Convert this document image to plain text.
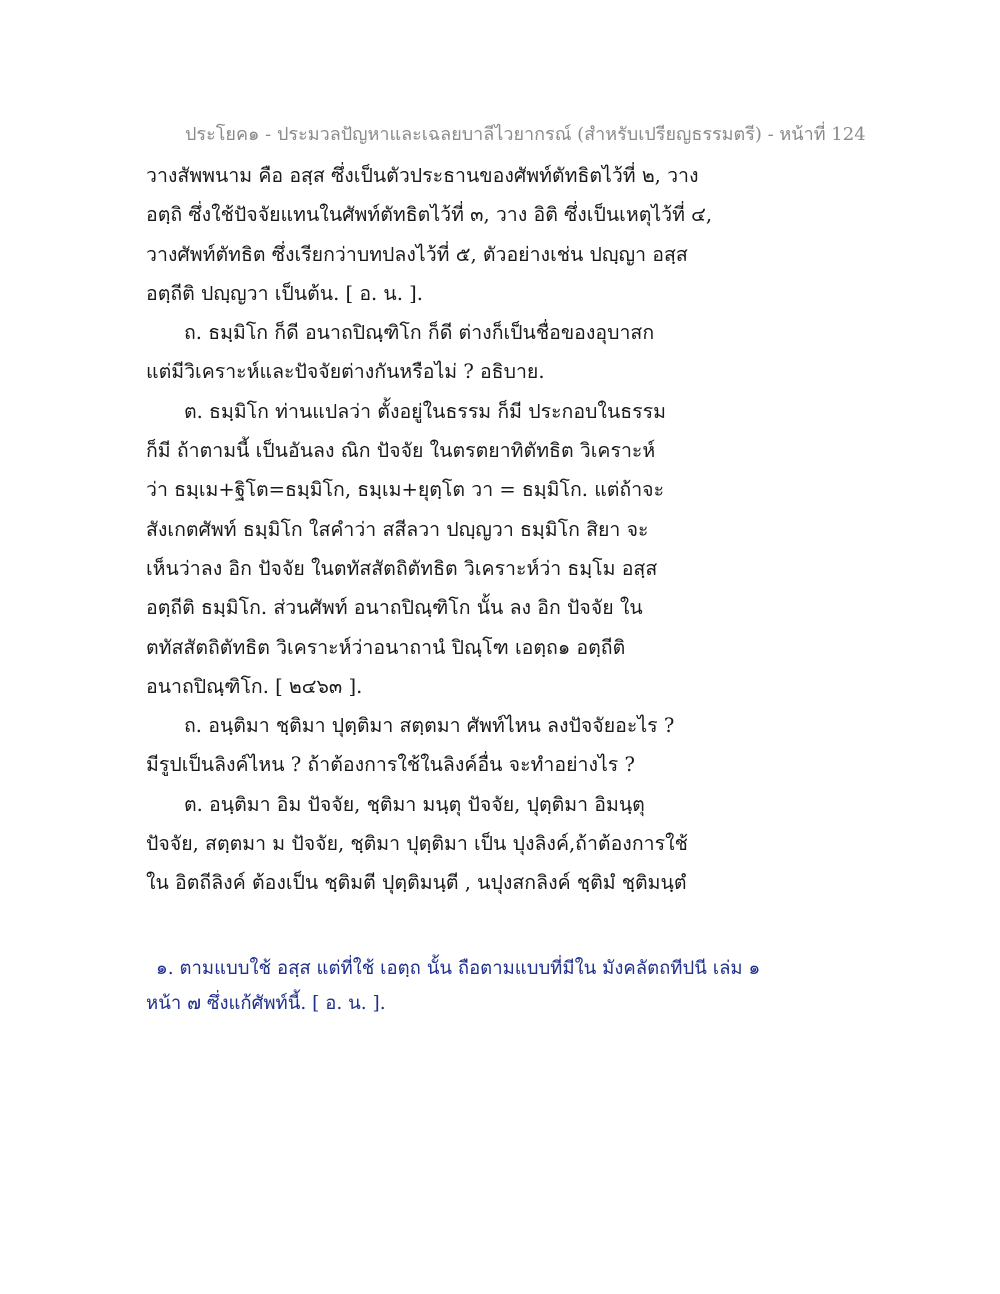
ประโยค๑ - ประมวลปัญหาและเฉลยบาลีไวยากรณ์ (สำหรับเปรียญธรรมตรี) - หน้าที่ 124
วางสัพพนาม คือ อสฺส ซึ่งเป็นตัวประธานของศัพท์ตัทธิตไว้ที่ ๒, วาง
อตฺถิ ซึ่งใช้ปัจจัยแทนในศัพท์ตัทธิตไว้ที่ ๓, วาง อิติ ซึ่งเป็นเหตุไว้ที่ ๔,
วางศัพท์ตัทธิต ซึ่งเรียกว่าบทปลงไว้ที่ ๕, ตัวอย่างเช่น ปญฺญา อสฺส
อตฺถีติ ปญฺญวา เป็นต้น. [ อ. น. ].
ถ. ธมฺมิโก ก็ดี อนาถปิณฺฑิโก ก็ดี ต่างก็เป็นชื่อของอุบาสก
แต่มีวิเคราะห์และปัจจัยต่างกันหรือไม่ ? อธิบาย.
ต. ธมฺมิโก ท่านแปลว่า ตั้งอยู่ในธรรม ก็มี ประกอบในธรรม
ก็มี ถ้าตามนี้ เป็นอันลง ณิก ปัจจัย ในตรตยาทิตัทธิต วิเคราะห์
ว่า ธมฺเม+ฐิโต=ธมฺมิโก, ธมฺเม+ยุตฺโต วา = ธมฺมิโก. แต่ถ้าจะ
สังเกตศัพท์ ธมฺมิโก ใสคำว่า สสีลวา ปญฺญวา ธมฺมิโก สิยา จะ
เห็นว่าลง อิก ปัจจัย ในตทัสสัตถิตัทธิต วิเคราะห์ว่า ธมฺโม อสฺส
อตฺถีติ ธมฺมิโก. ส่วนศัพท์ อนาถปิณฺฑิโก นั้น ลง อิก ปัจจัย ใน
ตทัสสัตถิตัทธิต วิเคราะห์ว่าอนาถานํ ปิณฺโฑ เอตฺถ๑ อตฺถีติ
อนาถปิณฺฑิโก. [ ๒๔๖๓ ].
ถ. อนฺติมา ชฺติมา ปุตฺติมา สตฺตมา ศัพท์ไหน ลงปัจจัยอะไร ?
มีรูปเป็นลิงค์ไหน ? ถ้าต้องการใช้ในลิงค์อื่น จะทำอย่างไร ?
ต. อนฺติมา อิม ปัจจัย, ชฺติมา มนฺตุ ปัจจัย, ปุตฺติมา อิมนฺตุ
ปัจจัย, สตฺตมา ม ปัจจัย, ชฺติมา ปุตฺติมา เป็น ปุงลิงค์,ถ้าต้องการใช้
ใน อิตถีลิงค์ ต้องเป็น ชฺติมตี ปุตฺติมนฺตี , นปุงสกลิงค์ ชฺติมํ ชฺติมนฺตํ
๑. ตามแบบใช้ อสฺส แต่ที่ใช้ เอตฺถ นั้น ถือตามแบบที่มีใน มังคลัตถทีปนี เล่ม ๑
หน้า ๗ ซึ่งแก้ศัพท์นี้. [ อ. น. ].
